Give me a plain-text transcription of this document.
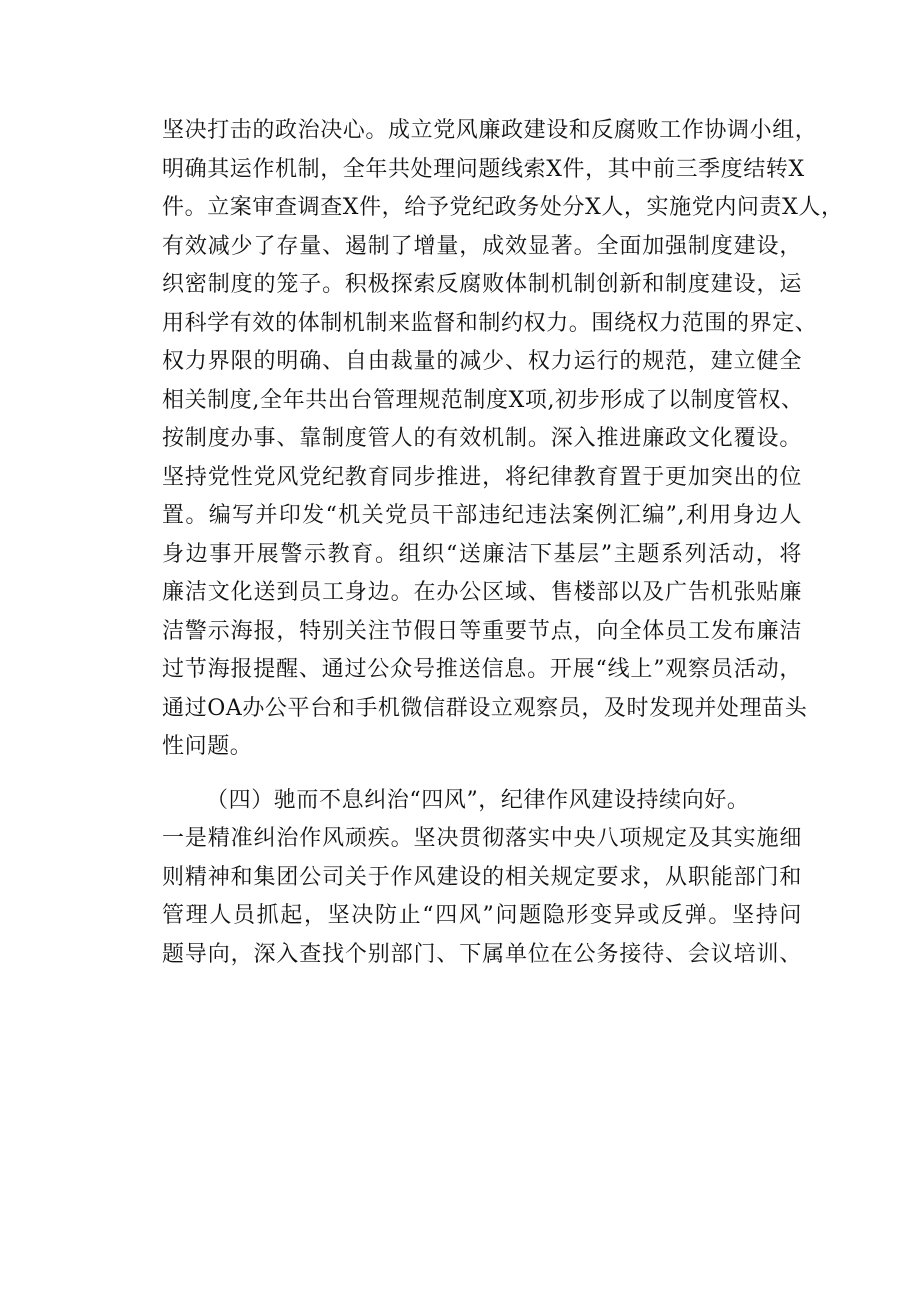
坚决打击的政治决心。成立党风廉政建设和反腐败工作协调小组，
明确其运作机制，全年共处理问题线索X件，其中前三季度结转X
件。立案审查调查X件，给予党纪政务处分X人，实施党内问责X人，
有效减少了存量、遏制了增量，成效显著。全面加强制度建设，
织密制度的笼子。积极探索反腐败体制机制创新和制度建设，运
用科学有效的体制机制来监督和制约权力。围绕权力范围的界定、
权力界限的明确、自由裁量的减少、权力运行的规范，建立健全
相关制度,全年共出台管理规范制度X项,初步形成了以制度管权、
按制度办事、靠制度管人的有效机制。深入推进廉政文化覆设。
坚持党性党风党纪教育同步推进，将纪律教育置于更加突出的位
置。编写并印发“机关党员干部违纪违法案例汇编”,利用身边人
身边事开展警示教育。组织“送廉洁下基层”主题系列活动，将
廉洁文化送到员工身边。在办公区域、售楼部以及广告机张贴廉
洁警示海报，特别关注节假日等重要节点，向全体员工发布廉洁
过节海报提醒、通过公众号推送信息。开展“线上”观察员活动，
通过OA办公平台和手机微信群设立观察员，及时发现并处理苗头
性问题。
（四）驰而不息纠治“四风”，纪律作风建设持续向好。
一是精准纠治作风顽疾。坚决贯彻落实中央八项规定及其实施细
则精神和集团公司关于作风建设的相关规定要求，从职能部门和
管理人员抓起，坚决防止“四风”问题隐形变异或反弹。坚持问
题导向，深入查找个别部门、下属单位在公务接待、会议培训、
